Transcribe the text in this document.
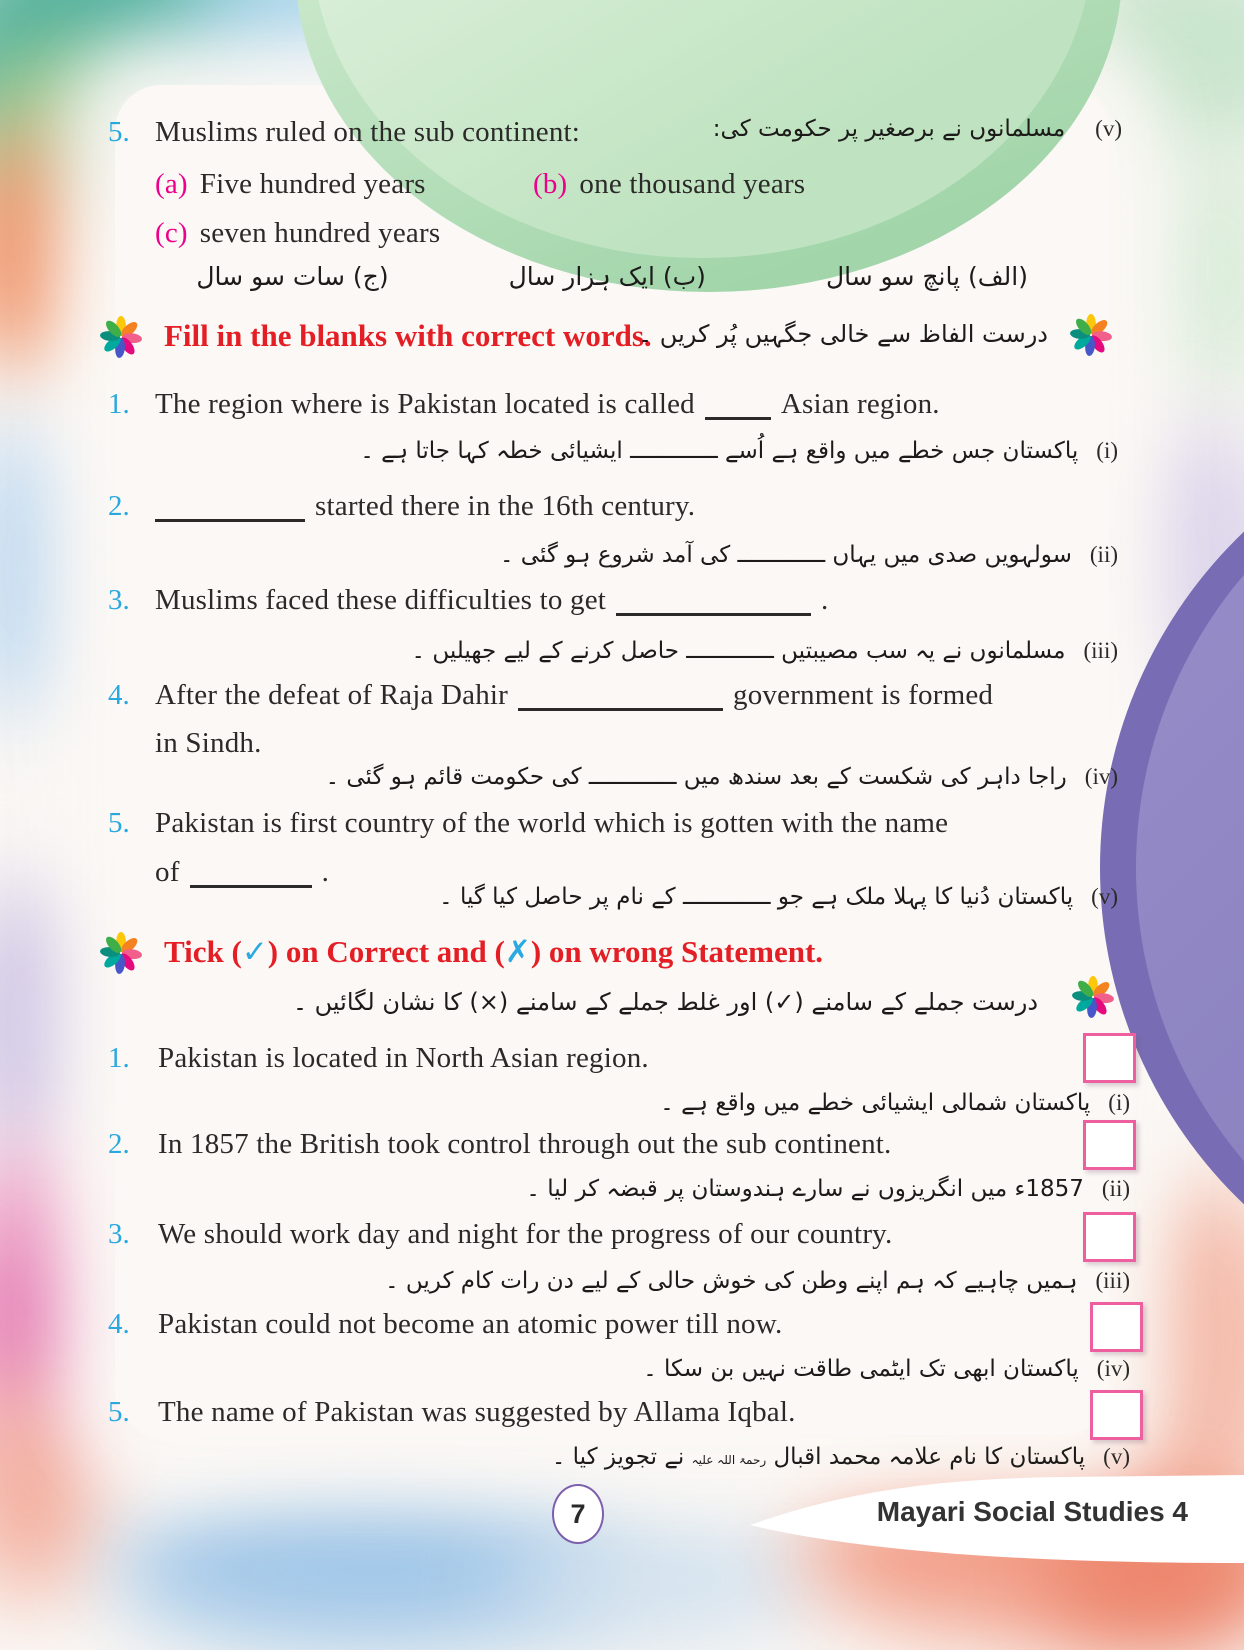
5. Muslims ruled on the sub continent:	(v)
مسلمانوں نے برصغیر پر حکومت کی:
(a) Five hundred years	(b) one thousand years
(c) seven hundred years
(الف) پانچ سو سال
(ب) ایک ہزار سال
(ج) سات سو سال
Fill in the blanks with correct words.
درست الفاظ سے خالی جگہیں پُر کریں ۔
1. The region where is Pakistan located is called	Asian region.
(i)
پاکستان جس خطے میں واقع ہے اُسے ـــــــــــــ ایشیائی خطہ کہا جاتا ہے ۔
2.	started there in the 16th century.
(ii)
سولہویں صدی میں یہاں ـــــــــــــ کی آمد شروع ہو گئی ۔
3. Muslims faced these difficulties to get	.
(iii)
مسلمانوں نے یہ سب مصیبتیں ـــــــــــــ حاصل کرنے کے لیے جھیلیں ۔
4. After the defeat of Raja Dahir	government is formed
in Sindh.
(iv)
راجا داہر کی شکست کے بعد سندھ میں ـــــــــــــ کی حکومت قائم ہو گئی ۔
5. Pakistan is first country of the world which is gotten with the name
of	.
(v)
پاکستان دُنیا کا پہلا ملک ہے جو ـــــــــــــ کے نام پر حاصل کیا گیا ۔
Tick (✓) on Correct and (✗) on wrong Statement.
درست جملے کے سامنے (✓) اور غلط جملے کے سامنے (×) کا نشان لگائیں ۔
1. Pakistan is located in North Asian region.
(i)
پاکستان شمالی ایشیائی خطے میں واقع ہے ۔
2. In 1857 the British took control through out the sub continent.
(ii)
1857ء میں انگریزوں نے سارے ہندوستان پر قبضہ کر لیا ۔
3. We should work day and night for the progress of our country.
(iii)
ہمیں چاہیے کہ ہم اپنے وطن کی خوش حالی کے لیے دن رات کام کریں ۔
4. Pakistan could not become an atomic power till now.
(iv)
پاکستان ابھی تک ایٹمی طاقت نہیں بن سکا ۔
5. The name of Pakistan was suggested by Allama Iqbal.
(v)
پاکستان کا نام علامہ محمد اقبال رحمۃ اللہ علیہ نے تجویز کیا ۔
Mayari Social Studies 4
7
